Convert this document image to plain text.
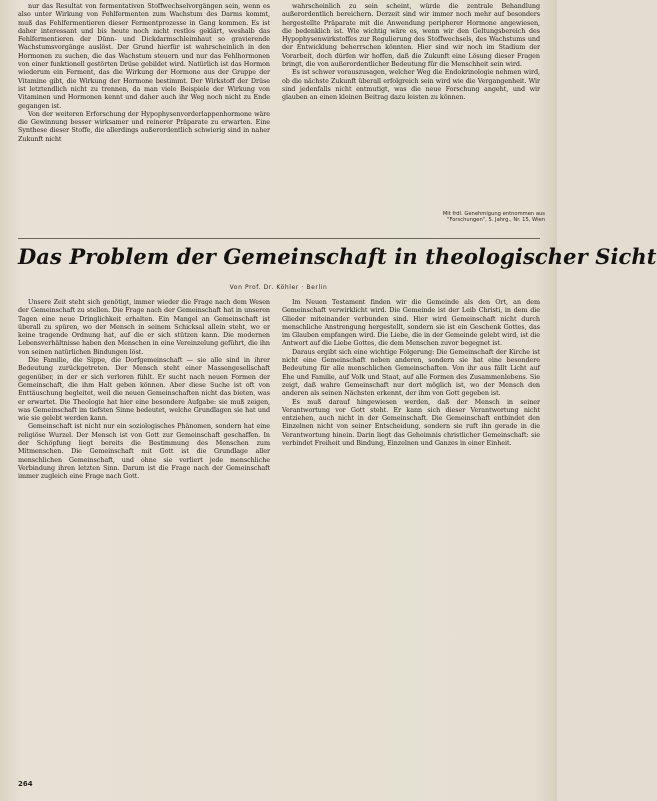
nur das Resultat von fermentativen Stoffwechselvorgängen sein, wenn es also unter Wirkung von Fehlfermenten zum Wachstum des Darms kommt, muß das Fehlfermentieren dieser Fermentprozesse in Gang kommen. Es ist daher interessant und bis heute noch nicht restlos geklärt, weshalb das Fehlfermentieren der Dünn- und Dickdarmschleimhaut so gravierende Wachstumsvorgänge auslöst. Der Grund hierfür ist wahrscheinlich in den Hormonen zu suchen, die das Wachstum steuern und nur das Fehlhormonen von einer funktionell gestörten Drüse gebildet wird. Natürlich ist das Hormon wiederum ein Ferment, das die Wirkung der Hormone aus der Gruppe der Vitamine gibt, die Wirkung der Hormone bestimmt. Der Wirkstoff der Drüse ist letztendlich nicht zu trennen, da man viele Beispiele der Wirkung von Vitaminen und Hormonen kennt und daher auch ihr Weg noch nicht zu Ende gegangen ist.

Von der weiteren Erforschung der Hypophysenvorderlappenhormone wäre die Gewinnung besser wirksamer und reinerer Präparate zu erwarten. Eine Synthese dieser Stoffe, die allerdings außerordentlich schwierig sind in naher Zukunft nicht

wahrscheinlich zu sein scheint, würde die zentrale Behandlung außerordentlich bereichern. Derzeit sind wir immer noch mehr auf besonders hergestellte Präparate mit die Anwendung peripherer Hormone angewiesen, die bedenklich ist. Wie wichtig wäre es, wenn wir den Geltungsbereich des Hypophysenwirkstoffes zur Regulierung des Stoffwechsels, des Wachstums und der Entwicklung beherrschen könnten. Hier sind wir noch im Stadium der Vorarbeit, doch dürfen wir hoffen, daß die Zukunft eine Lösung dieser Fragen bringt, die von außerordentlicher Bedeutung für die Menschheit sein wird.

Es ist schwer vorauszusagen, welcher Weg die Endokrinologie nehmen wird, ob die nächste Zukunft überall erfolgreich sein wird wie die Vergangenheit. Wir sind jedenfalls nicht entmutigt, was die neue Forschung angeht, und wir glauben an einen kleinen Beitrag dazu leisten zu können.

Mit frdl. Genehmigung entnommen aus "Forschungen", 5. Jahrg., Nr. 15, Wien
Das Problem der Gemeinschaft in theologischer Sicht
Von Prof. Dr. Köhler · Berlin

Unsere Zeit steht sich genötigt, immer wieder die Frage nach dem Wesen der Gemeinschaft zu stellen. Die Frage nach der Gemeinschaft hat in unseren Tagen eine neue Dringlichkeit erhalten. Ein Mangel an Gemeinschaft ist überall zu spüren, wo der Mensch in seinem Schicksal allein steht, wo er keine tragende Ordnung hat, auf die er sich stützen kann. Die modernen Lebensverhältnisse haben den Menschen in eine Vereinzelung geführt, die ihn von seinen natürlichen Bindungen löst.

Die Familie, die Sippe, die Dorfgemeinschaft — sie alle sind in ihrer Bedeutung zurückgetreten. Der Mensch steht einer Massengesellschaft gegenüber, in der er sich verloren fühlt. Er sucht nach neuen Formen der Gemeinschaft, die ihm Halt geben können. Aber diese Suche ist oft von Enttäuschung begleitet, weil die neuen Gemeinschaften nicht das bieten, was er erwartet. Die Theologie hat hier eine besondere Aufgabe: sie muß zeigen, was Gemeinschaft im tiefsten Sinne bedeutet, welche Grundlagen sie hat und wie sie gelebt werden kann.

Gemeinschaft ist nicht nur ein soziologisches Phänomen, sondern hat eine religiöse Wurzel. Der Mensch ist von Gott zur Gemeinschaft geschaffen. In der Schöpfung liegt bereits die Bestimmung des Menschen zum Mitmenschen. Die Gemeinschaft mit Gott ist die Grundlage aller menschlichen Gemeinschaft, und ohne sie verliert jede menschliche Verbindung ihren letzten Sinn. Darum ist die Frage nach der Gemeinschaft immer zugleich eine Frage nach Gott.

Im Neuen Testament finden wir die Gemeinde als den Ort, an dem Gemeinschaft verwirklicht wird. Die Gemeinde ist der Leib Christi, in dem die Glieder miteinander verbunden sind. Hier wird Gemeinschaft nicht durch menschliche Anstrengung hergestellt, sondern sie ist ein Geschenk Gottes, das im Glauben empfangen wird. Die Liebe, die in der Gemeinde gelebt wird, ist die Antwort auf die Liebe Gottes, die dem Menschen zuvor begegnet ist.

Daraus ergibt sich eine wichtige Folgerung: Die Gemeinschaft der Kirche ist nicht eine Gemeinschaft neben anderen, sondern sie hat eine besondere Bedeutung für alle menschlichen Gemeinschaften. Von ihr aus fällt Licht auf Ehe und Familie, auf Volk und Staat, auf alle Formen des Zusammenlebens. Sie zeigt, daß wahre Gemeinschaft nur dort möglich ist, wo der Mensch den anderen als seinen Nächsten erkennt, der ihm von Gott gegeben ist.

Es muß darauf hingewiesen werden, daß der Mensch in seiner Verantwortung vor Gott steht. Er kann sich dieser Verantwortung nicht entziehen, auch nicht in der Gemeinschaft. Die Gemeinschaft entbindet den Einzelnen nicht von seiner Entscheidung, sondern sie ruft ihn gerade in die Verantwortung hinein. Darin liegt das Geheimnis christlicher Gemeinschaft: sie verbindet Freiheit und Bindung, Einzelnen und Ganzes in einer Einheit.

264
